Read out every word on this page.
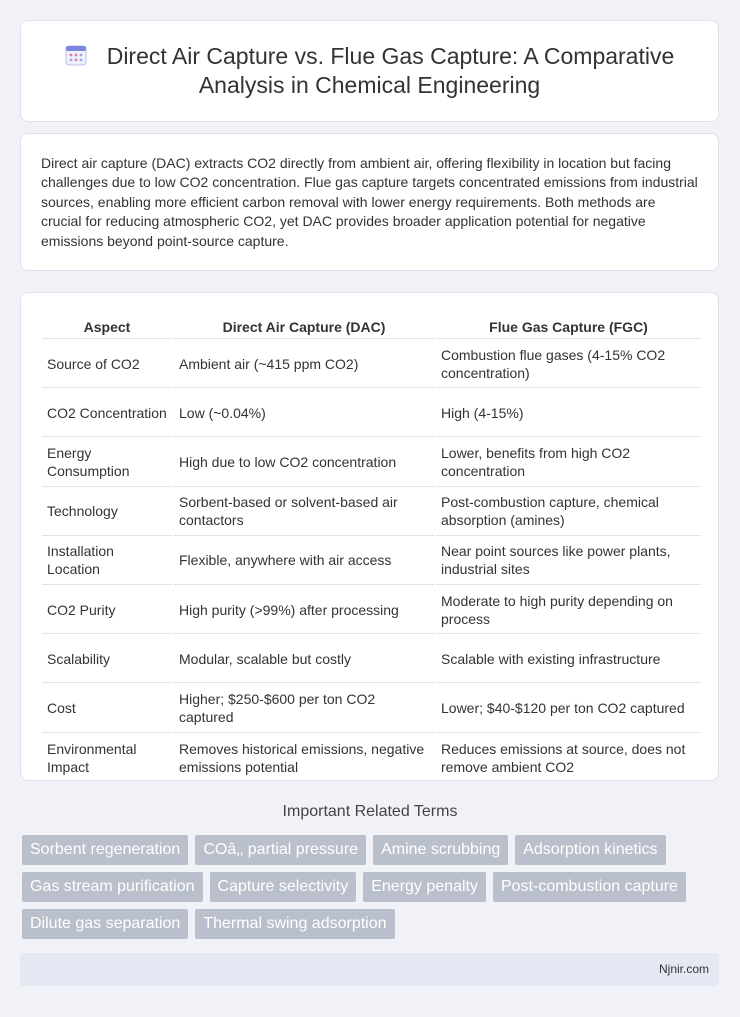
Direct Air Capture vs. Flue Gas Capture: A Comparative Analysis in Chemical Engineering

Direct air capture (DAC) extracts CO2 directly from ambient air, offering flexibility in location but facing challenges due to low CO2 concentration. Flue gas capture targets concentrated emissions from industrial sources, enabling more efficient carbon removal with lower energy requirements. Both methods are crucial for reducing atmospheric CO2, yet DAC provides broader application potential for negative emissions beyond point-source capture.

Aspect	Direct Air Capture (DAC)	Flue Gas Capture (FGC)
Source of CO2	Ambient air (~415 ppm CO2)	Combustion flue gases (4-15% CO2 concentration)
CO2 Concentration	Low (~0.04%)	High (4-15%)
Energy Consumption	High due to low CO2 concentration	Lower, benefits from high CO2 concentration
Technology	Sorbent-based or solvent-based air contactors	Post-combustion capture, chemical absorption (amines)
Installation Location	Flexible, anywhere with air access	Near point sources like power plants, industrial sites
CO2 Purity	High purity (>99%) after processing	Moderate to high purity depending on process
Scalability	Modular, scalable but costly	Scalable with existing infrastructure
Cost	Higher; $250-$600 per ton CO2 captured	Lower; $40-$120 per ton CO2 captured
Environmental Impact	Removes historical emissions, negative emissions potential	Reduces emissions at source, does not remove ambient CO2
Important Related Terms
Sorbent regeneration	COâ‚‚ partial pressure	Amine scrubbing	Adsorption kinetics
Gas stream purification	Capture selectivity	Energy penalty	Post-combustion capture
Dilute gas separation	Thermal swing adsorption
Njnir.com
